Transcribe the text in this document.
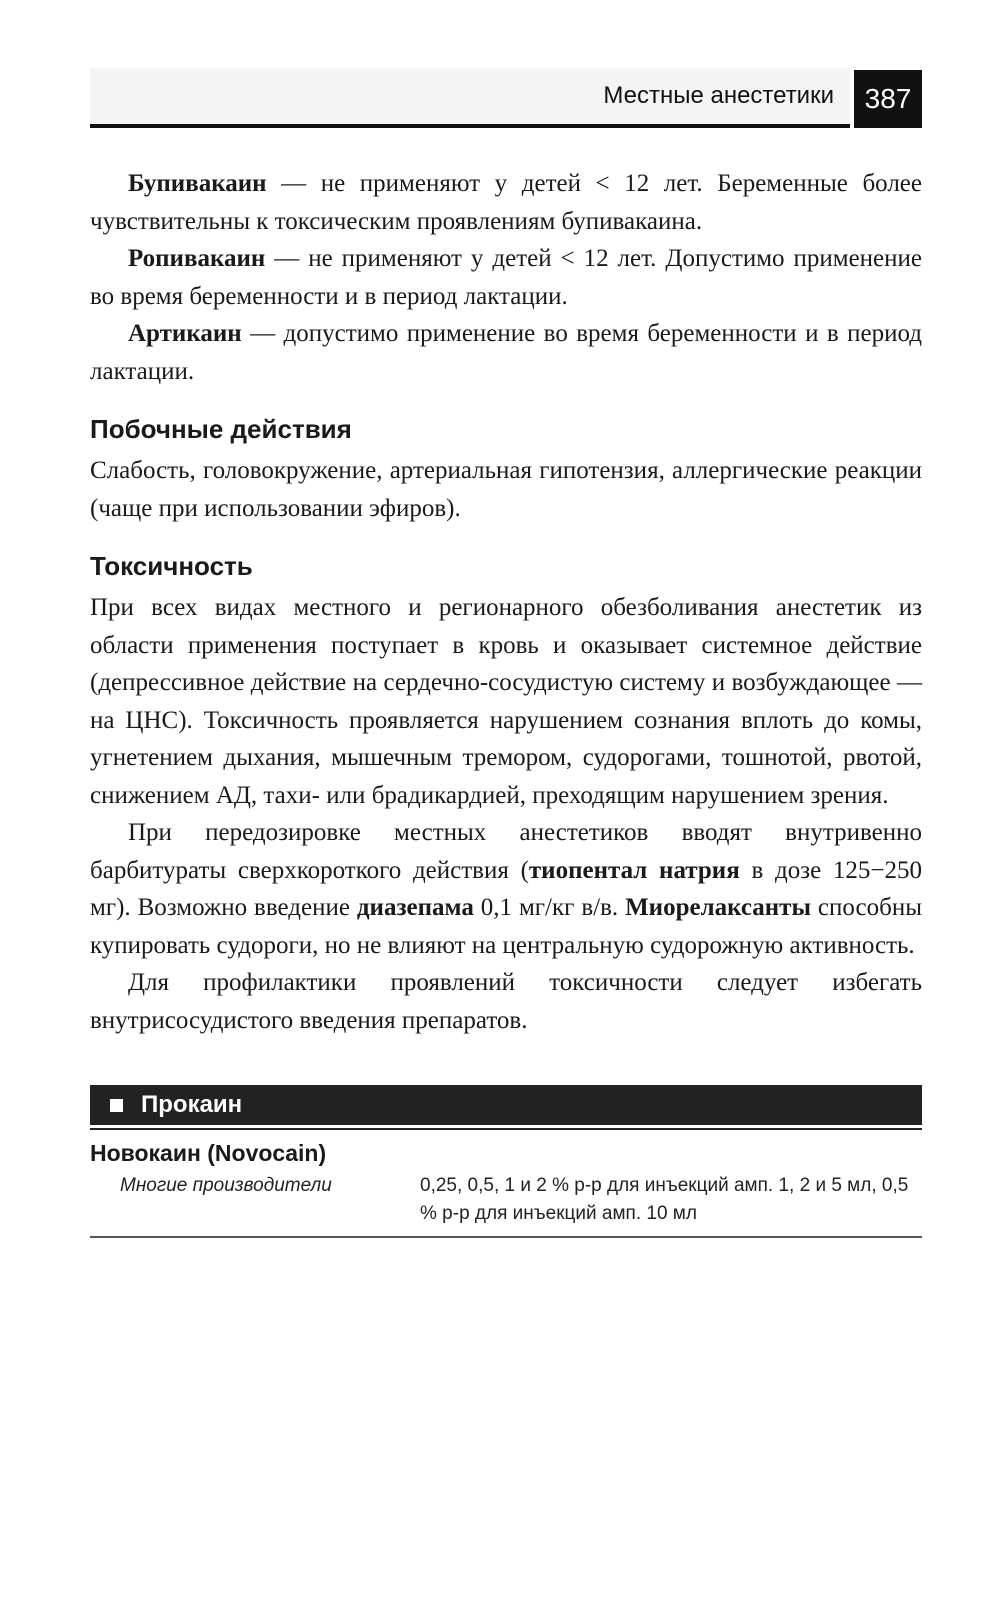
Местные анестетики	387

Бупивакаин — не применяют у детей < 12 лет. Беременные более чувствительны к токсическим проявлениям бупивакаина.

Ропивакаин — не применяют у детей < 12 лет. Допустимо применение во время беременности и в период лактации.

Артикаин — допустимо применение во время беременности и в период лактации.

Побочные действия

Слабость, головокружение, артериальная гипотензия, аллергические реакции (чаще при использовании эфиров).

Токсичность

При всех видах местного и регионарного обезболивания анестетик из области применения поступает в кровь и оказывает системное действие (депрессивное действие на сердечно-сосудистую систему и возбуждающее — на ЦНС). Токсичность проявляется нарушением сознания вплоть до комы, угнетением дыхания, мышечным тремором, судорогами, тошнотой, рвотой, снижением АД, тахи- или брадикардией, преходящим нарушением зрения.

При передозировке местных анестетиков вводят внутривенно барбитураты сверхкороткого действия (тиопентал натрия в дозе 125−250 мг). Возможно введение диазепама 0,1 мг/кг в/в. Миорелаксанты способны купировать судороги, но не влияют на центральную судорожную активность.

Для профилактики проявлений токсичности следует избегать внутрисосудистого введения препаратов.

Прокаин
Новокаин (Novocain)
Многие производители	0,25, 0,5, 1 и 2 % р-р для инъекций амп. 1, 2 и 5 мл, 0,5 % р-р для инъекций амп. 10 мл
